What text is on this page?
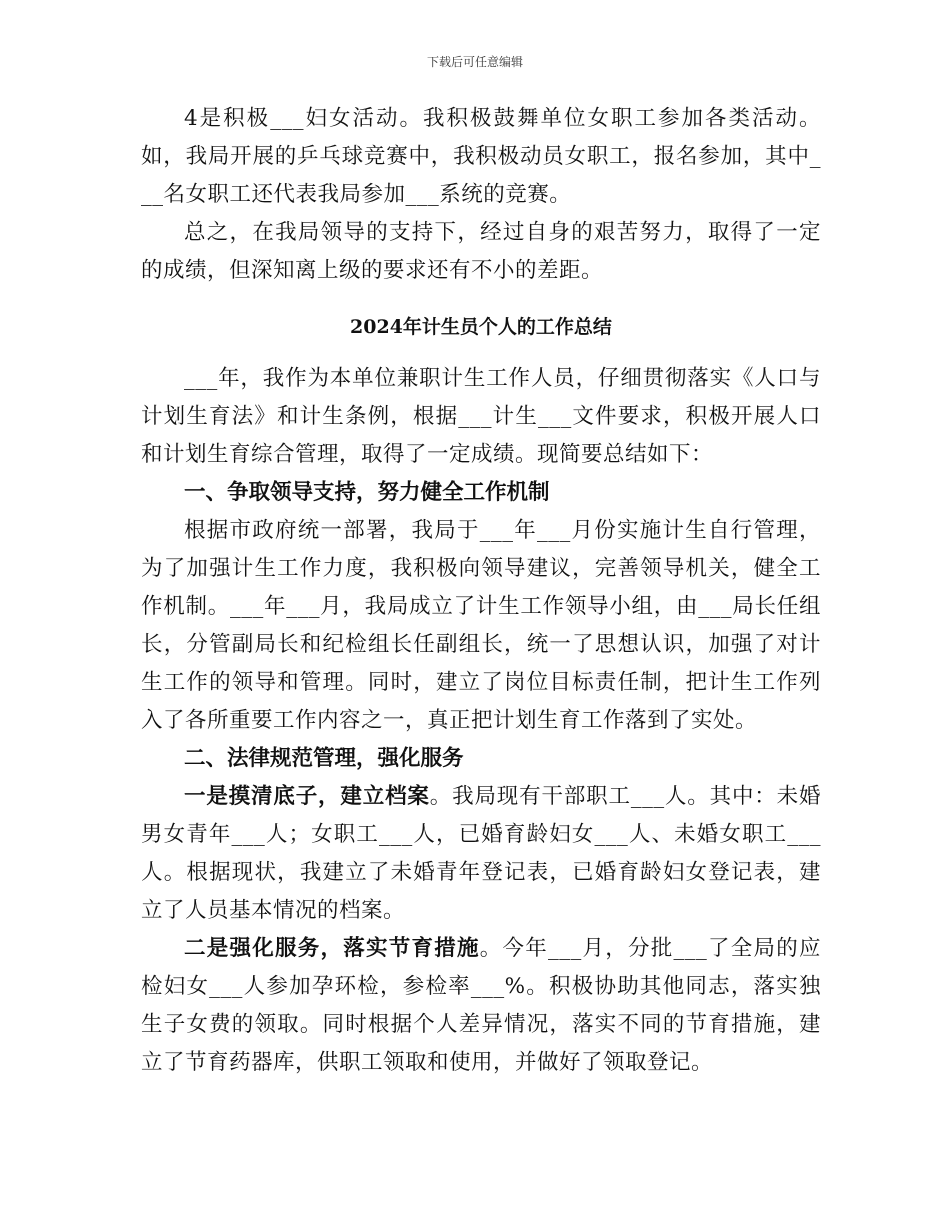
下载后可任意编辑

4是积极___妇女活动。我积极鼓舞单位女职工参加各类活动。如，我局开展的乒乓球竞赛中，我积极动员女职工，报名参加，其中___名女职工还代表我局参加___系统的竞赛。

总之，在我局领导的支持下，经过自身的艰苦努力，取得了一定的成绩，但深知离上级的要求还有不小的差距。

2024年计生员个人的工作总结

___年，我作为本单位兼职计生工作人员，仔细贯彻落实《人口与计划生育法》和计生条例，根据___计生___文件要求，积极开展人口和计划生育综合管理，取得了一定成绩。现简要总结如下：

一、争取领导支持，努力健全工作机制

根据市政府统一部署，我局于___年___月份实施计生自行管理，为了加强计生工作力度，我积极向领导建议，完善领导机关，健全工作机制。___年___月，我局成立了计生工作领导小组，由___局长任组长，分管副局长和纪检组长任副组长，统一了思想认识，加强了对计生工作的领导和管理。同时，建立了岗位目标责任制，把计生工作列入了各所重要工作内容之一，真正把计划生育工作落到了实处。

二、法律规范管理，强化服务

一是摸清底子，建立档案。我局现有干部职工___人。其中：未婚男女青年___人；女职工___人，已婚育龄妇女___人、未婚女职工___人。根据现状，我建立了未婚青年登记表，已婚育龄妇女登记表，建立了人员基本情况的档案。

二是强化服务，落实节育措施。今年___月，分批___了全局的应检妇女___人参加孕环检，参检率___%。积极协助其他同志，落实独生子女费的领取。同时根据个人差异情况，落实不同的节育措施，建立了节育药器库，供职工领取和使用，并做好了领取登记。
